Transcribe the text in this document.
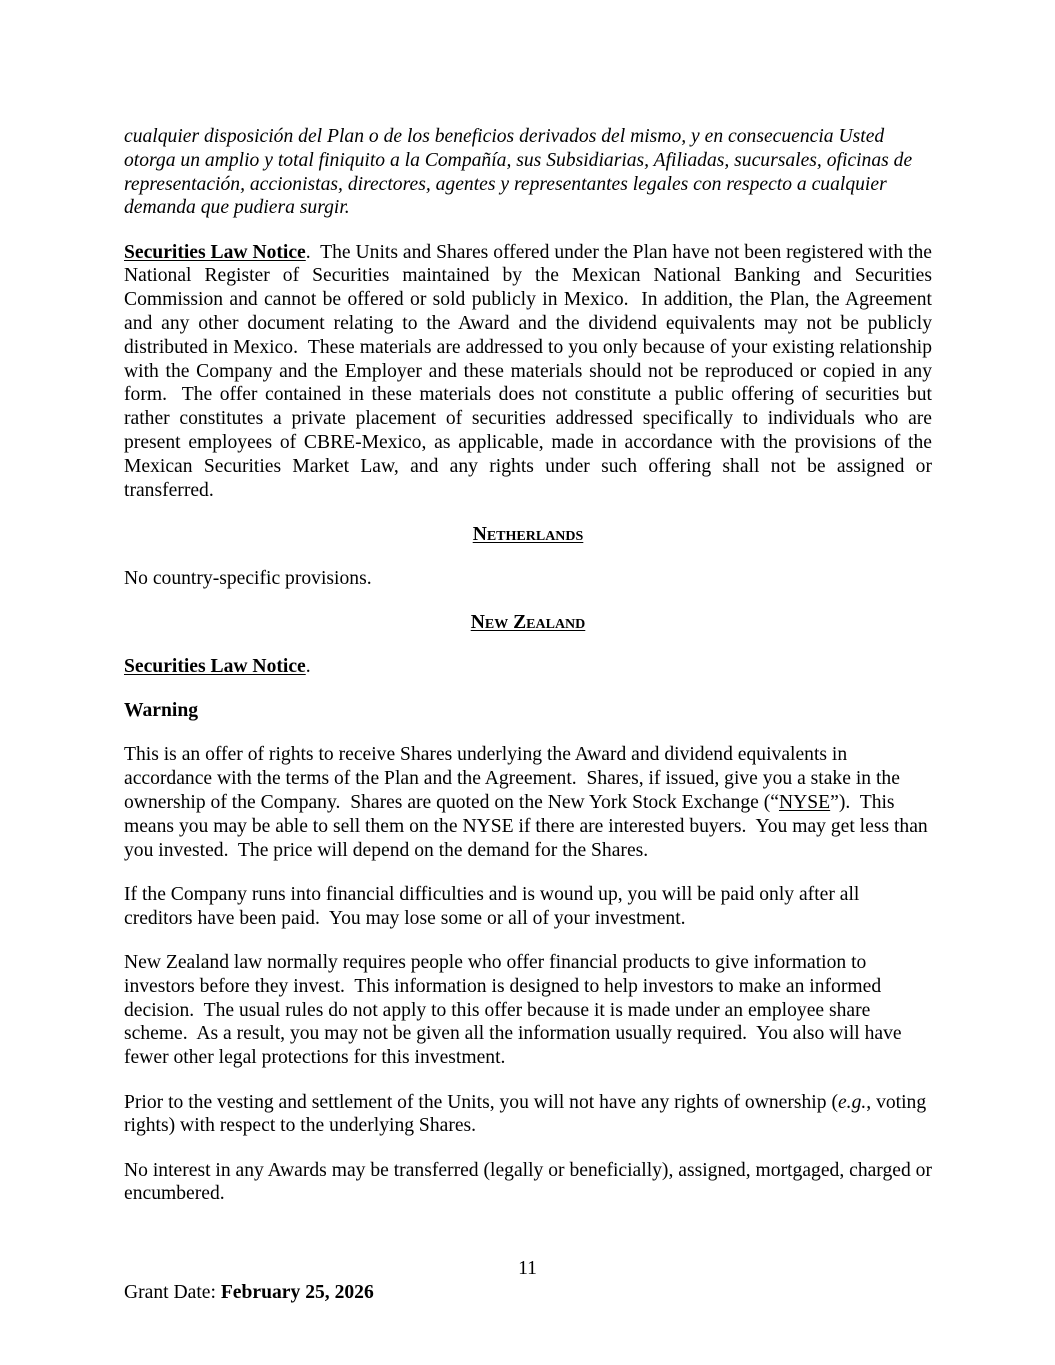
cualquier disposición del Plan o de los beneficios derivados del mismo, y en consecuencia Usted otorga un amplio y total finiquito a la Compañía, sus Subsidiarias, Afiliadas, sucursales, oficinas de representación, accionistas, directores, agentes y representantes legales con respecto a cualquier demanda que pudiera surgir.

Securities Law Notice.  The Units and Shares offered under the Plan have not been registered with the National Register of Securities maintained by the Mexican National Banking and Securities Commission and cannot be offered or sold publicly in Mexico.  In addition, the Plan, the Agreement and any other document relating to the Award and the dividend equivalents may not be publicly distributed in Mexico.  These materials are addressed to you only because of your existing relationship with the Company and the Employer and these materials should not be reproduced or copied in any form.  The offer contained in these materials does not constitute a public offering of securities but rather constitutes a private placement of securities addressed specifically to individuals who are present employees of CBRE-Mexico, as applicable, made in accordance with the provisions of the Mexican Securities Market Law, and any rights under such offering shall not be assigned or transferred.

Netherlands

No country-specific provisions.

New Zealand

Securities Law Notice.

Warning

This is an offer of rights to receive Shares underlying the Award and dividend equivalents in accordance with the terms of the Plan and the Agreement.  Shares, if issued, give you a stake in the ownership of the Company.  Shares are quoted on the New York Stock Exchange (“NYSE”).  This means you may be able to sell them on the NYSE if there are interested buyers.  You may get less than you invested.  The price will depend on the demand for the Shares.

If the Company runs into financial difficulties and is wound up, you will be paid only after all creditors have been paid.  You may lose some or all of your investment.

New Zealand law normally requires people who offer financial products to give information to investors before they invest.  This information is designed to help investors to make an informed decision.  The usual rules do not apply to this offer because it is made under an employee share scheme.  As a result, you may not be given all the information usually required.  You also will have fewer other legal protections for this investment.

Prior to the vesting and settlement of the Units, you will not have any rights of ownership (e.g., voting rights) with respect to the underlying Shares.

No interest in any Awards may be transferred (legally or beneficially), assigned, mortgaged, charged or encumbered.

11
Grant Date: February 25, 2026
